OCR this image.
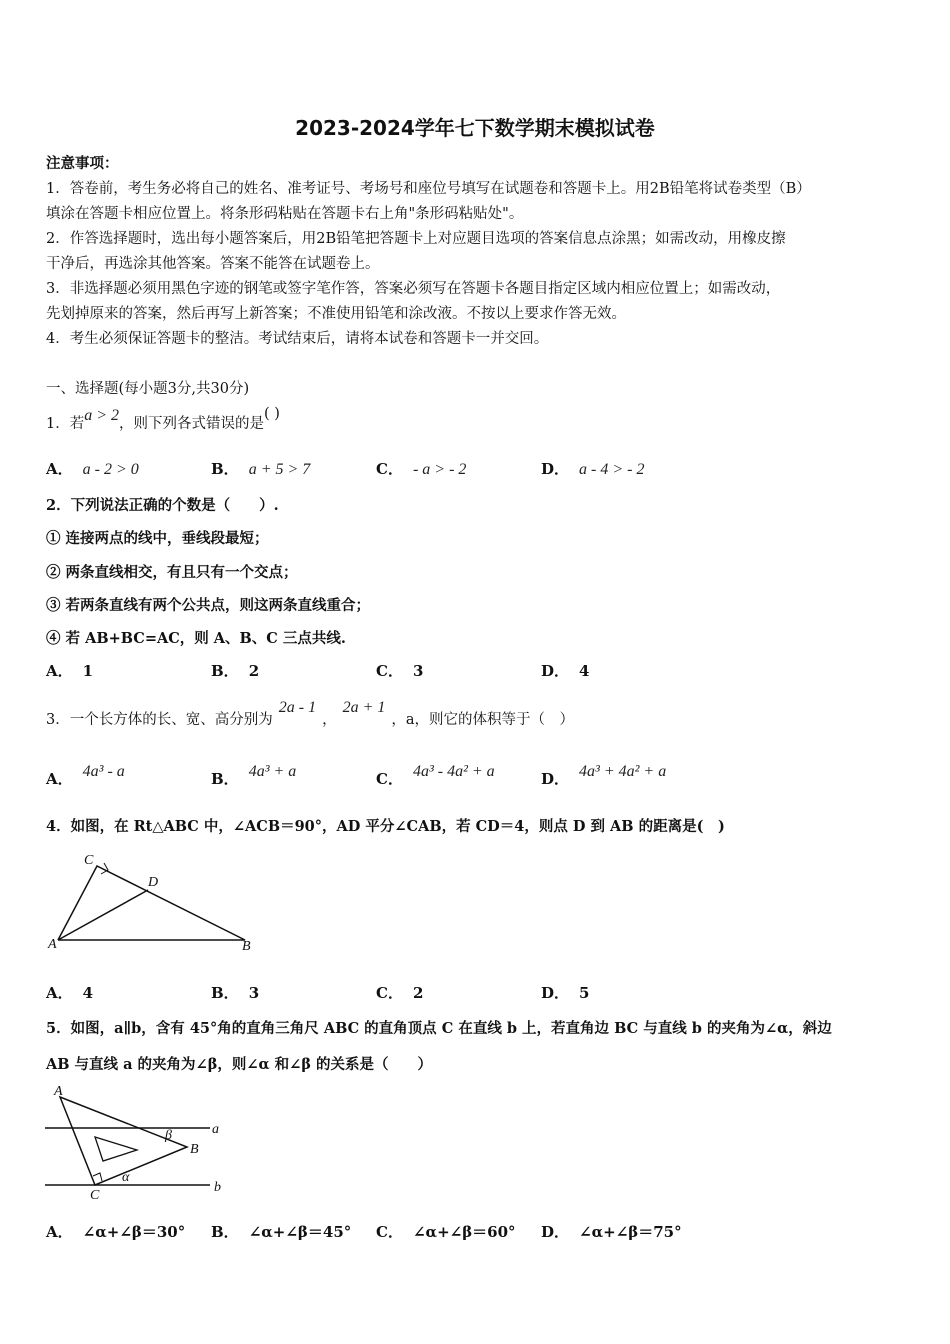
2023-2024学年七下数学期末模拟试卷
注意事项：
1．答卷前，考生务必将自己的姓名、准考证号、考场号和座位号填写在试题卷和答题卡上。用2B铅笔将试卷类型（B）
填涂在答题卡相应位置上。将条形码粘贴在答题卡右上角"条形码粘贴处"。
2．作答选择题时，选出每小题答案后，用2B铅笔把答题卡上对应题目选项的答案信息点涂黑；如需改动，用橡皮擦
干净后，再选涂其他答案。答案不能答在试题卷上。
3．非选择题必须用黑色字迹的钢笔或签字笔作答，答案必须写在答题卡各题目指定区域内相应位置上；如需改动，
先划掉原来的答案，然后再写上新答案；不准使用铅笔和涂改液。不按以上要求作答无效。
4．考生必须保证答题卡的整洁。考试结束后，请将本试卷和答题卡一并交回。
一、选择题(每小题3分,共30分)
1．若a > 2，则下列各式错误的是( )
A． a - 2 > 0	B． a + 5 > 7	C． - a > - 2	D． a - 4 > - 2
2．下列说法正确的个数是（　　）.
① 连接两点的线中，垂线段最短；
② 两条直线相交，有且只有一个交点；
③ 若两条直线有两个公共点，则这两条直线重合；
④ 若 AB+BC=AC，则 A、B、C 三点共线.
A． 1	B． 2	C． 3	D． 4
3．一个长方体的长、宽、高分别为2a - 1，2a + 1，a，则它的体积等于（　）
A． 4a³ - a	B． 4a³ + a	C． 4a³ - 4a² + a	D． 4a³ + 4a² + a
4．如图，在 Rt△ABC 中，∠ACB＝90°，AD 平分∠CAB，若 CD＝4，则点 D 到 AB 的距离是(　)
C
D
A	B
A． 4	B． 3	C． 2	D． 5
5．如图，a∥b，含有 45°角的直角三角尺 ABC 的直角顶点 C 在直线 b 上，若直角边 BC 与直线 b 的夹角为∠α，斜边
AB 与直线 a 的夹角为∠β，则∠α 和∠β 的关系是（　　）
A
B
C
a
b
β
α
A． ∠α+∠β＝30° B． ∠α+∠β＝45° C． ∠α+∠β＝60° D． ∠α+∠β＝75°
